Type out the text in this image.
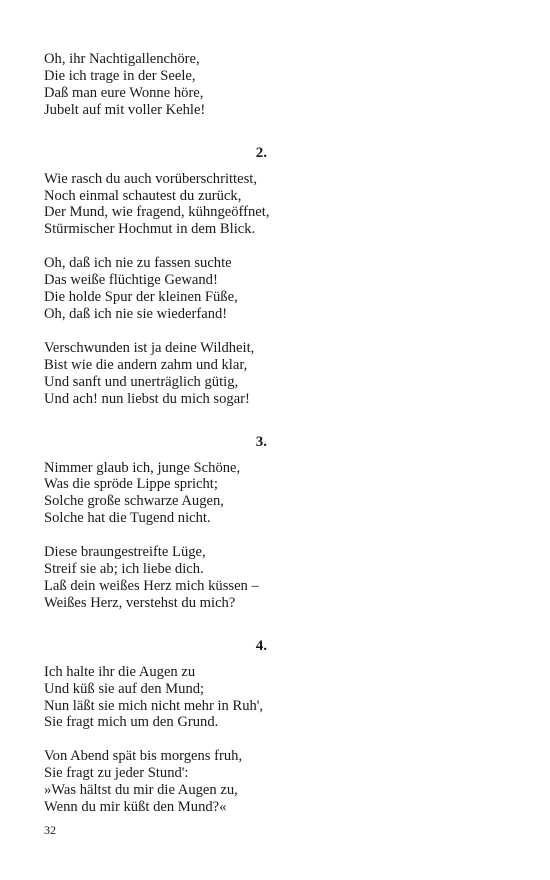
Oh, ihr Nachtigallenchöre,
Die ich trage in der Seele,
Daß man eure Wonne höre,
Jubelt auf mit voller Kehle!
2.
Wie rasch du auch vorüberschrittest,
Noch einmal schautest du zurück,
Der Mund, wie fragend, kühngeöffnet,
Stürmischer Hochmut in dem Blick.
Oh, daß ich nie zu fassen suchte
Das weiße flüchtige Gewand!
Die holde Spur der kleinen Füße,
Oh, daß ich nie sie wiederfand!
Verschwunden ist ja deine Wildheit,
Bist wie die andern zahm und klar,
Und sanft und unerträglich gütig,
Und ach! nun liebst du mich sogar!
3.
Nimmer glaub ich, junge Schöne,
Was die spröde Lippe spricht;
Solche große schwarze Augen,
Solche hat die Tugend nicht.
Diese braungestreifte Lüge,
Streif sie ab; ich liebe dich.
Laß dein weißes Herz mich küssen –
Weißes Herz, verstehst du mich?
4.
Ich halte ihr die Augen zu
Und küß sie auf den Mund;
Nun läßt sie mich nicht mehr in Ruh',
Sie fragt mich um den Grund.
Von Abend spät bis morgens fruh,
Sie fragt zu jeder Stund':
»Was hältst du mir die Augen zu,
Wenn du mir küßt den Mund?«
32
